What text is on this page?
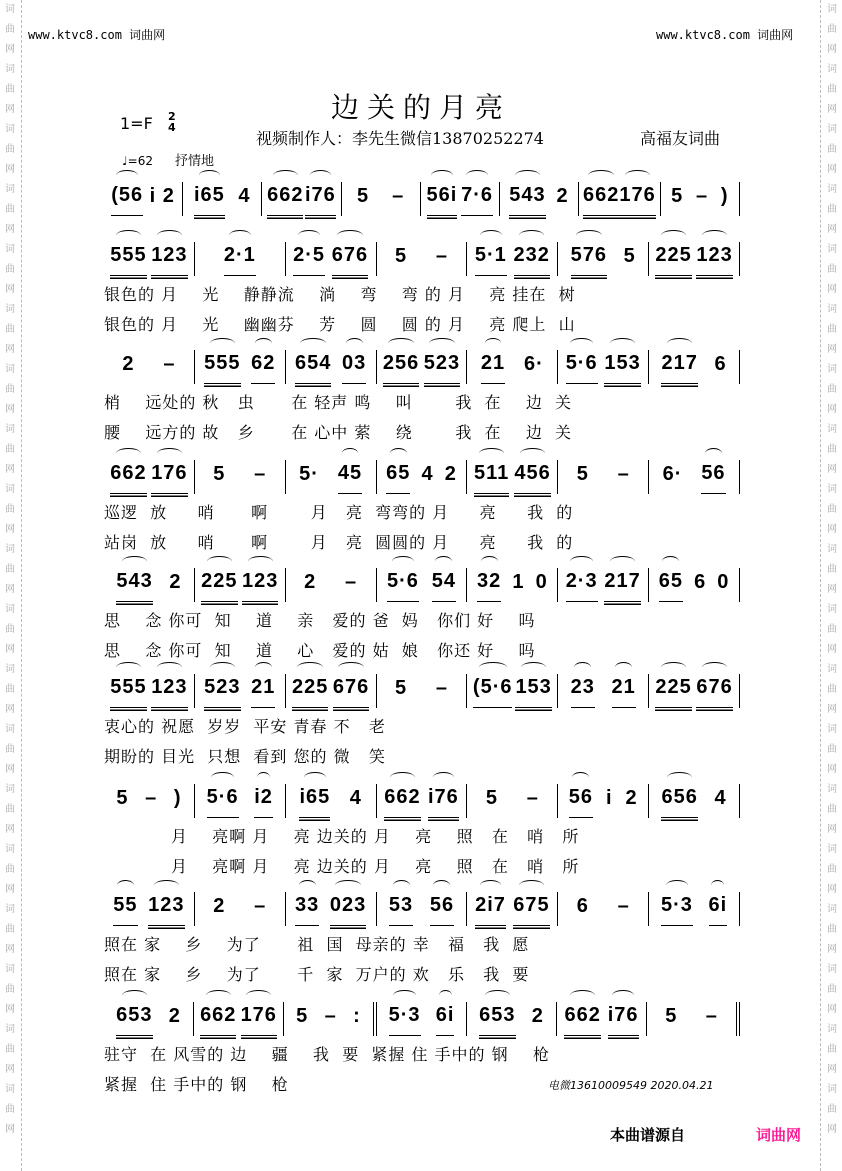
词
曲
网
词
曲
网
词
曲
网
词
曲
网
词
曲
网
词
曲
网
词
曲
网
词
曲
网
词
曲
网
词
曲
网
词
曲
网
词
曲
网
词
曲
网
词
曲
网
词
曲
网
词
曲
网
词
曲
网
词
曲
网
词
曲
网
词
曲
网
词
曲
网
词
曲
网
词
曲
网
词
曲
网
词
曲
网
词
曲
网
词
曲
网
词
曲
网
词
曲
网
词
曲
网
词
曲
网
词
曲
网
词
曲
网
词
曲
网
词
曲
网
词
曲
网
词
曲
网
词
曲
网
www.ktvc8.com 词曲网	www.ktvc8.com 词曲网
边关的月亮
1=F 2
4
视频制作人：李先生微信13870252274	高福友词曲
♩=62 抒情地
(56 i 2 i65 4 662 i76 5 – 56i 7·6 543 2 662 176 5 – )
555 123 2·1 2·5 676 5 – 5·1 232 576 5 225 123
银色的 月    光    静静流    淌    弯    弯 的 月    亮 挂在  树
银色的 月    光    幽幽芬    芳    圆    圆 的 月    亮 爬上  山
2 – 555 62 654 03 256 523 21 6· 5·6 153 217 6
梢    远处的 秋   虫      在 轻声 鸣    叫       我  在    边  关
腰    远方的 故   乡      在 心中 萦    绕       我  在    边  关
662 176 5 – 5· 45 65 4 2 511 456 5 – 6· 56
巡逻  放     哨      啊       月   亮  弯弯的 月     亮     我  的
站岗  放     哨      啊       月   亮  圆圆的 月     亮     我  的
543 2 225 123 2 – 5·6 54 32 1 0 2·3 217 65 6 0
思    念 你可  知    道    亲   爱的 爸  妈   你们 好    吗
思    念 你可  知    道    心   爱的 姑  娘   你还 好    吗
555 123 523 21 225 676 5 – (5·6 153 23 21 225 676
衷心的 祝愿  岁岁  平安 青春 不   老
期盼的 目光  只想  看到 您的 微   笑
5 – ) 5·6 i2 i65 4 662 i76 5 – 56 i 2 656 4
月    亮啊 月    亮 边关的 月    亮    照   在   哨   所
月    亮啊 月    亮 边关的 月    亮    照   在   哨   所
55 123 2 – 33 023 53 56 2i7 675 6 – 5·3 6i
照在 家    乡    为了      祖  国  母亲的 幸   福   我  愿
照在 家    乡    为了      千  家  万户的 欢   乐   我  要
653 2 662 176 5 – : 5·3 6i 653 2 662 i76 5 –
驻守  在 风雪的 边    疆    我  要  紧握 住 手中的 钢    枪
紧握  住 手中的 钢    枪	电微13610009549 2020.04.21
本曲谱源自	词曲网
